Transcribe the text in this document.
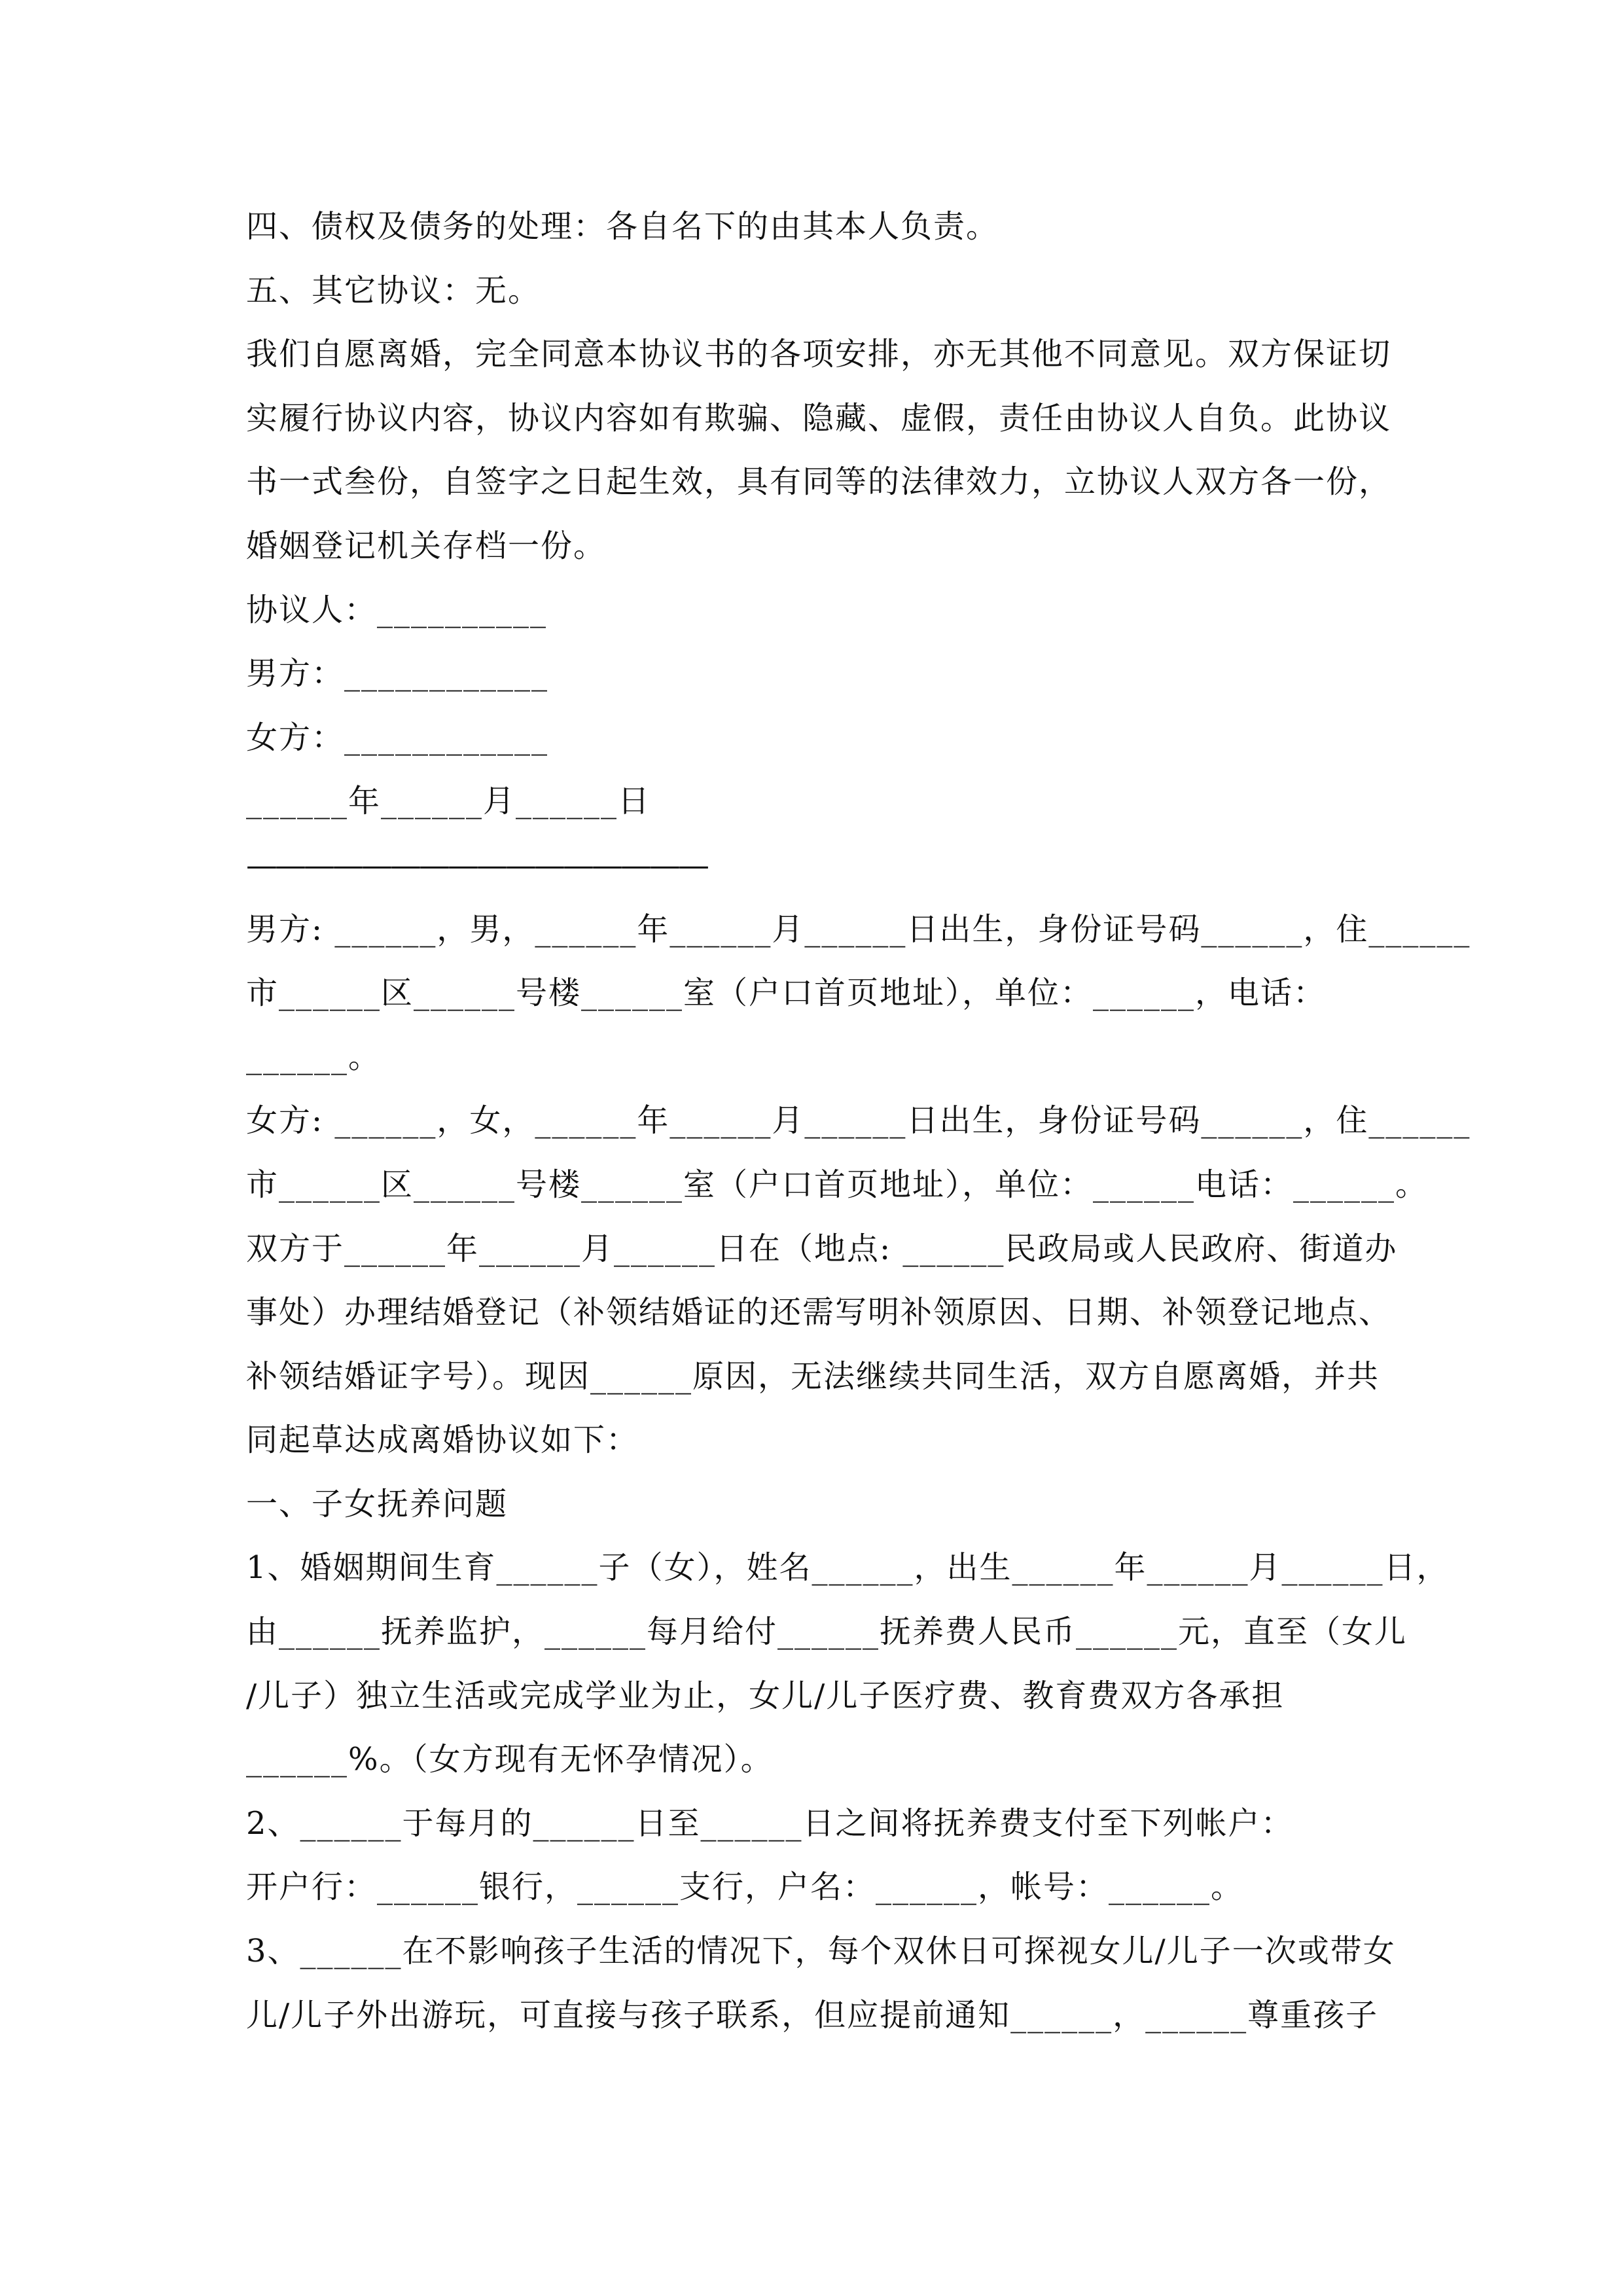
四、债权及债务的处理：各自名下的由其本人负责。
五、其它协议：无。
我们自愿离婚，完全同意本协议书的各项安排，亦无其他不同意见。双方保证切
实履行协议内容，协议内容如有欺骗、隐藏、虚假，责任由协议人自负。此协议
书一式叁份，自签字之日起生效，具有同等的法律效力，立协议人双方各一份，
婚姻登记机关存档一份。
协议人：__________
男方：____________
女方：____________
______年______月______日
————————————————
男方: ______，男，______年______月______日出生，身份证号码______，住______
市______区______号楼______室（户口首页地址），单位：______，电话：
______。
女方: ______，女，______年______月______日出生，身份证号码______，住______
市______区______号楼______室（户口首页地址），单位：______电话：______。
双方于______年______月______日在（地点: ______民政局或人民政府、街道办
事处）办理结婚登记（补领结婚证的还需写明补领原因、日期、补领登记地点、
补领结婚证字号）。现因______原因，无法继续共同生活，双方自愿离婚，并共
同起草达成离婚协议如下：
一、子女抚养问题
1、婚姻期间生育______子（女），姓名______，出生______年______月______日，
由______抚养监护，______每月给付______抚养费人民币______元，直至（女儿
/儿子）独立生活或完成学业为止，女儿/儿子医疗费、教育费双方各承担
______%。（女方现有无怀孕情况）。
2、______于每月的______日至______日之间将抚养费支付至下列帐户：
开户行：______银行，______支行，户名：______，帐号：______。
3、______在不影响孩子生活的情况下，每个双休日可探视女儿/儿子一次或带女
儿/儿子外出游玩，可直接与孩子联系，但应提前通知______，______尊重孩子
